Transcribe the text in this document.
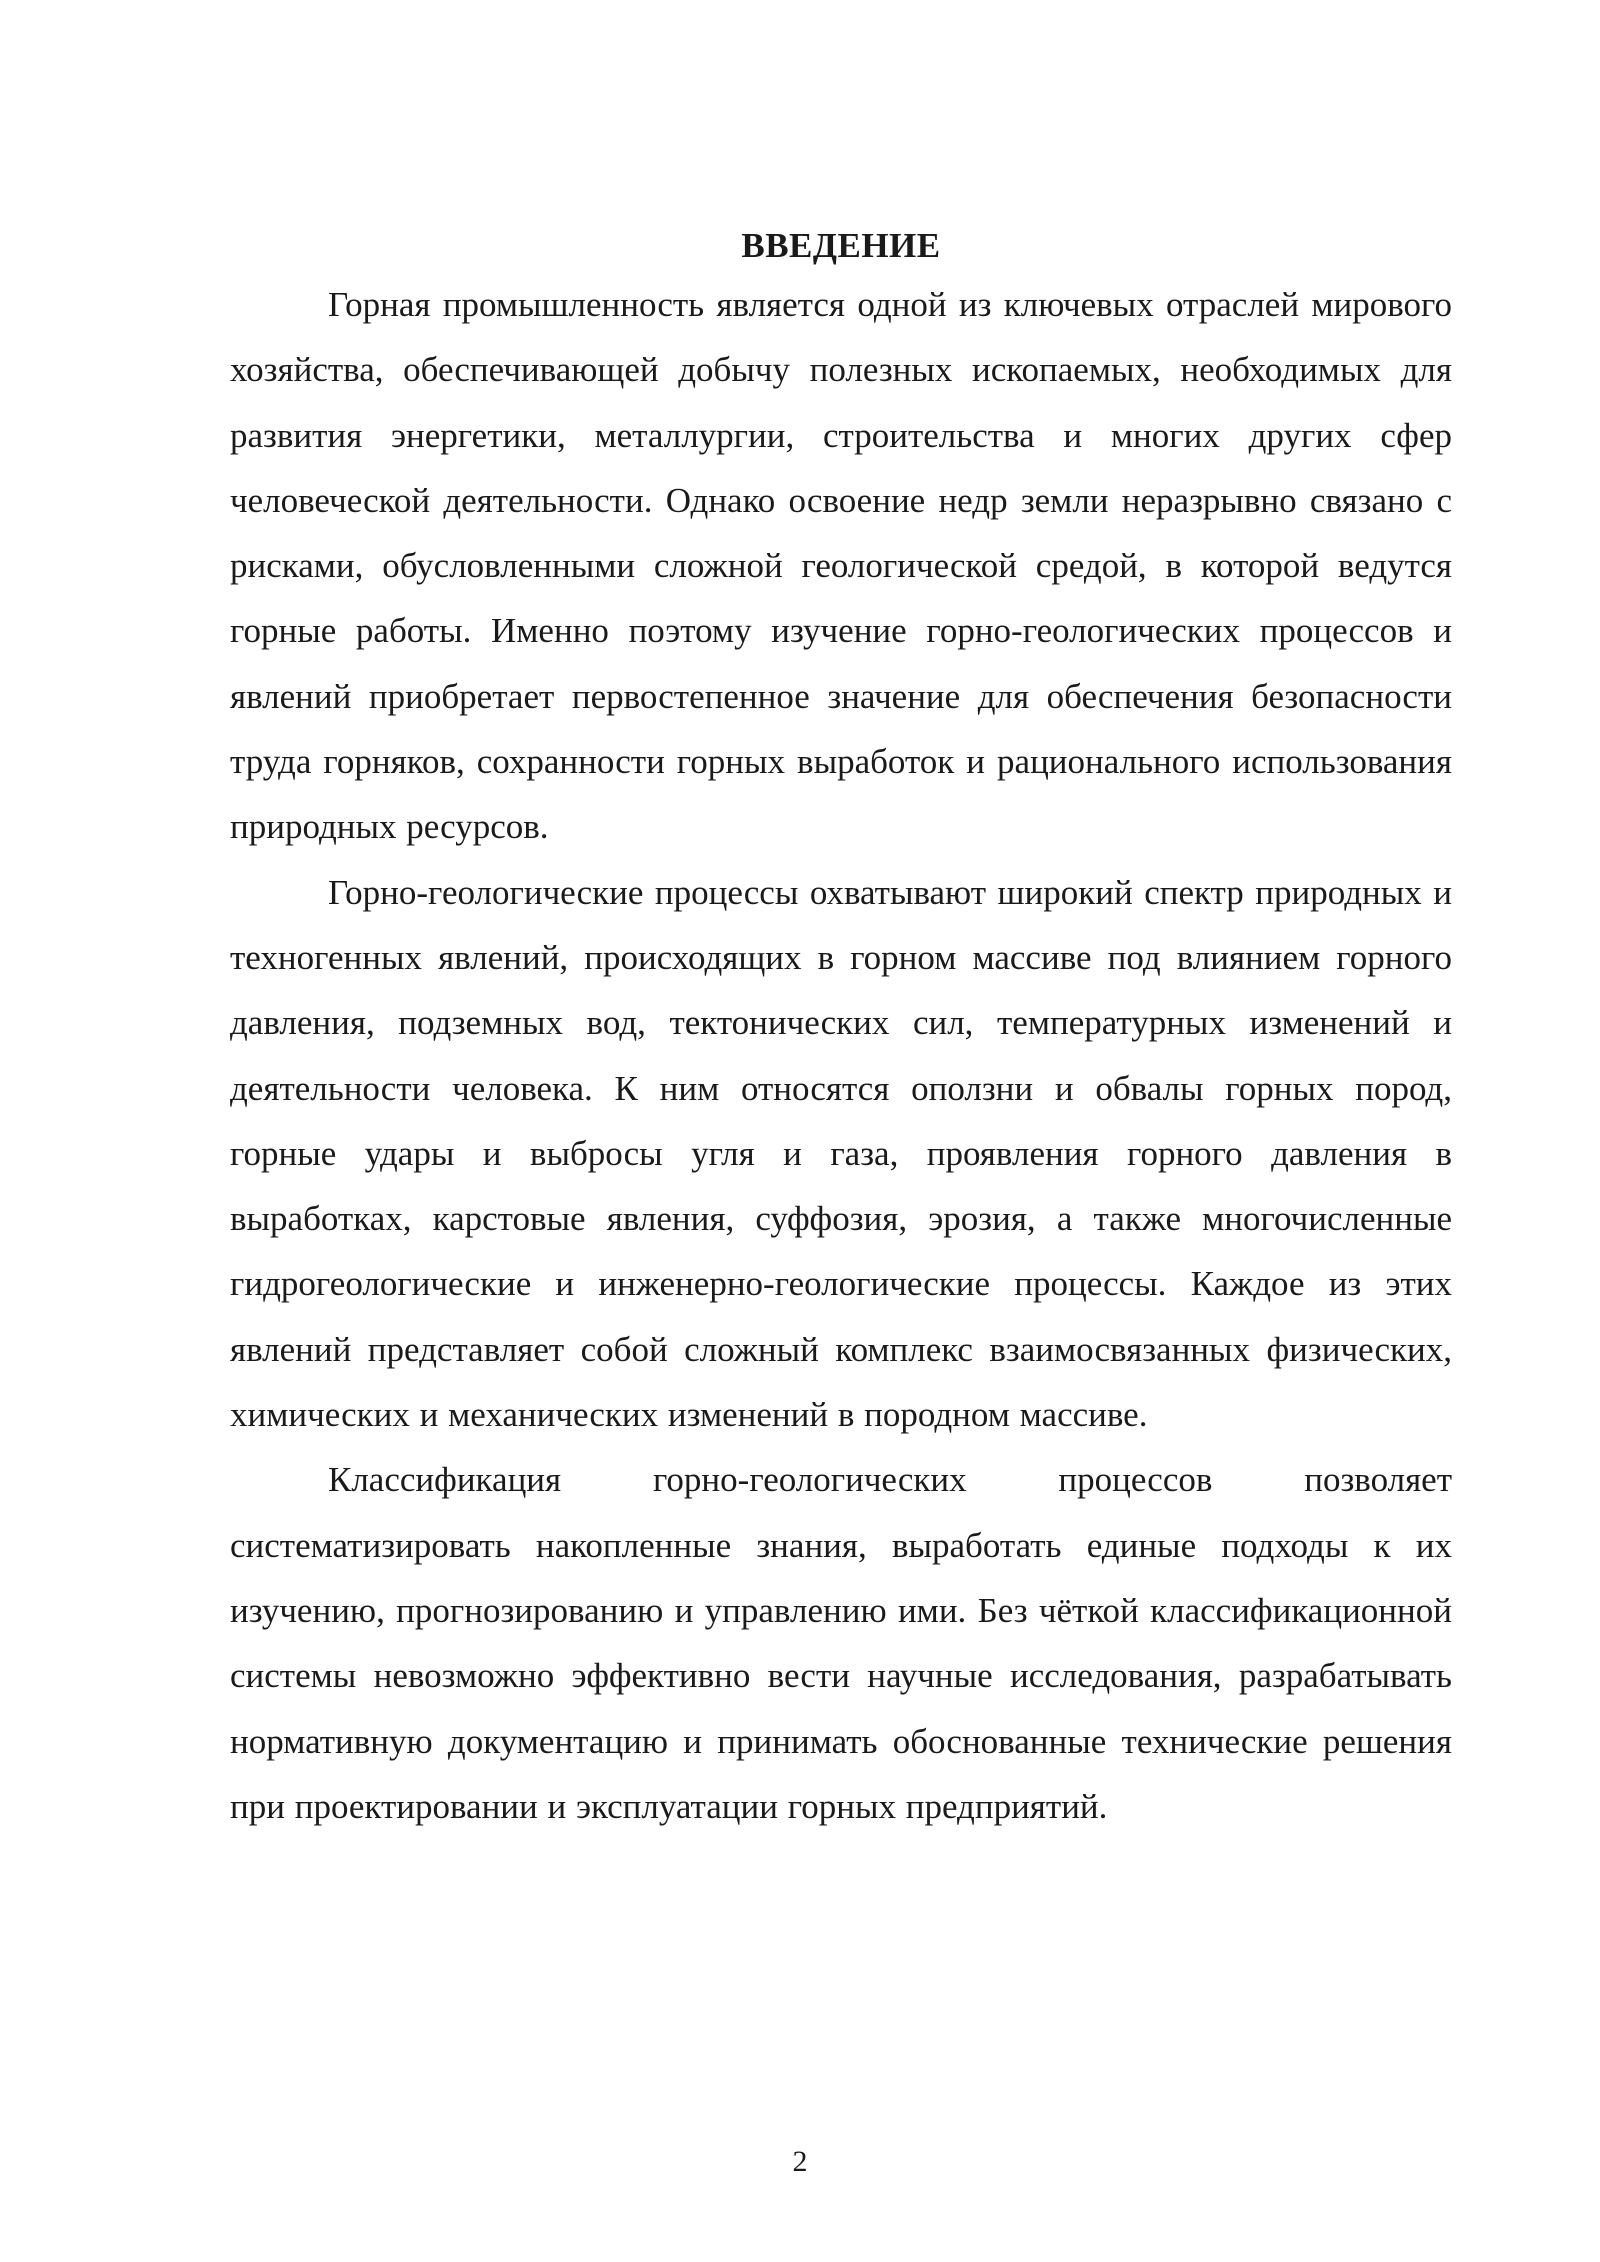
ВВЕДЕНИЕ

Горная промышленность является одной из ключевых отраслей мирового хозяйства, обеспечивающей добычу полезных ископаемых, необходимых для развития энергетики, металлургии, строительства и многих других сфер человеческой деятельности. Однако освоение недр земли неразрывно связано с рисками, обусловленными сложной геологической средой, в которой ведутся горные работы. Именно поэтому изучение горно-геологических процессов и явлений приобретает первостепенное значение для обеспечения безопасности труда горняков, сохранности горных выработок и рационального использования природных ресурсов.

Горно-геологические процессы охватывают широкий спектр природных и техногенных явлений, происходящих в горном массиве под влиянием горного давления, подземных вод, тектонических сил, температурных изменений и деятельности человека. К ним относятся оползни и обвалы горных пород, горные удары и выбросы угля и газа, проявления горного давления в выработках, карстовые явления, суффозия, эрозия, а также многочисленные гидрогеологические и инженерно-геологические процессы. Каждое из этих явлений представляет собой сложный комплекс взаимосвязанных физических, химических и механических изменений в породном массиве.

Классификация горно-геологических процессов позволяет систематизировать накопленные знания, выработать единые подходы к их изучению, прогнозированию и управлению ими. Без чёткой классификационной системы невозможно эффективно вести научные исследования, разрабатывать нормативную документацию и принимать обоснованные технические решения при проектировании и эксплуатации горных предприятий.

2
